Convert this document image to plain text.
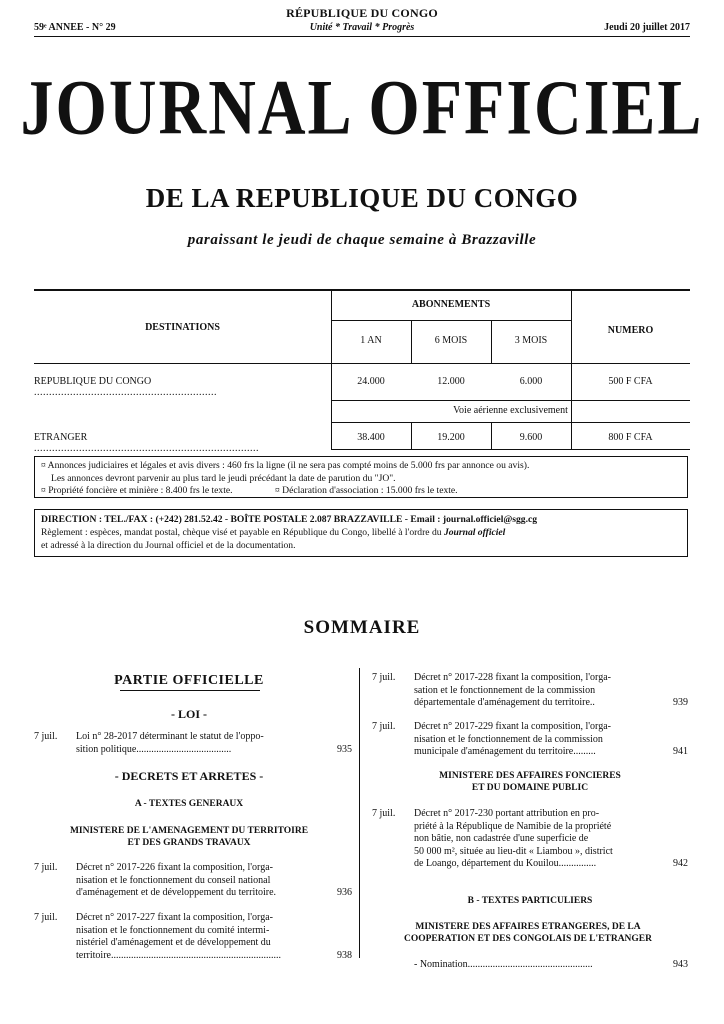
59ᵉ ANNEE - N° 29
RÉPUBLIQUE DU CONGO
Unité * Travail * Progrès	Jeudi 20 juillet 2017
JOURNAL OFFICIEL
DE LA REPUBLIQUE DU CONGO
paraissant le jeudi de chaque semaine à Brazzaville
DESTINATIONS
ABONNEMENTS
NUMERO
1 AN	6 MOIS	3 MOIS
REPUBLIQUE DU CONGO .............................................................
24.000	12.000	6.000	500 F CFA
Voie aérienne exclusivement
ETRANGER ...........................................................................
38.400	19.200	9.600	800 F CFA
¤ Annonces judiciaires et légales et avis divers : 460 frs la ligne (il ne sera pas compté moins de 5.000 frs par annonce ou avis).
Les annonces devront parvenir au plus tard le jeudi précédant la date de parution du "JO".
¤ Propriété foncière et minière : 8.400 frs le texte.	¤ Déclaration d'association : 15.000 frs le texte.
DIRECTION : TEL./FAX : (+242) 281.52.42 - BOÎTE POSTALE 2.087 BRAZZAVILLE - Email : journal.officiel@sgg.cg
Règlement : espèces, mandat postal, chèque visé et payable en République du Congo, libellé à l'ordre du Journal officiel
et adressé à la direction du Journal officiel et de la documentation.
SOMMAIRE
PARTIE OFFICIELLE
- LOI -
7 juil. Loi n° 28-2017 déterminant le statut de l'oppo-
sition politique......................................	935
- DECRETS ET ARRETES -
A - TEXTES GENERAUX
MINISTERE DE L'AMENAGEMENT DU TERRITOIRE
ET DES GRANDS TRAVAUX
7 juil. Décret n° 2017-226 fixant la composition, l'orga-
nisation et le fonctionnement du conseil national
d'aménagement et de développement du territoire.	936
7 juil. Décret n° 2017-227 fixant la composition, l'orga-
nisation et le fonctionnement du comité intermi-
nistériel d'aménagement et de développement du
territoire....................................................................	938
7 juil. Décret n° 2017-228 fixant la composition, l'orga-
sation et le fonctionnement de la commission
départementale d'aménagement du territoire..	939
7 juil. Décret n° 2017-229 fixant la composition, l'orga-
nisation et le fonctionnement de la commission
municipale d'aménagement du territoire.........	941
MINISTERE DES AFFAIRES FONCIERES
ET DU DOMAINE PUBLIC
7 juil. Décret n° 2017-230 portant attribution en pro-
priété à la République de Namibie de la propriété
non bâtie, non cadastrée d'une superficie de
50 000 m², située au lieu-dit « Liambou », district
de Loango, département du Kouilou...............	942
B - TEXTES PARTICULIERS
MINISTERE DES AFFAIRES ETRANGERES, DE LA
COOPERATION ET DES CONGOLAIS DE L'ETRANGER
- Nomination..................................................	943
